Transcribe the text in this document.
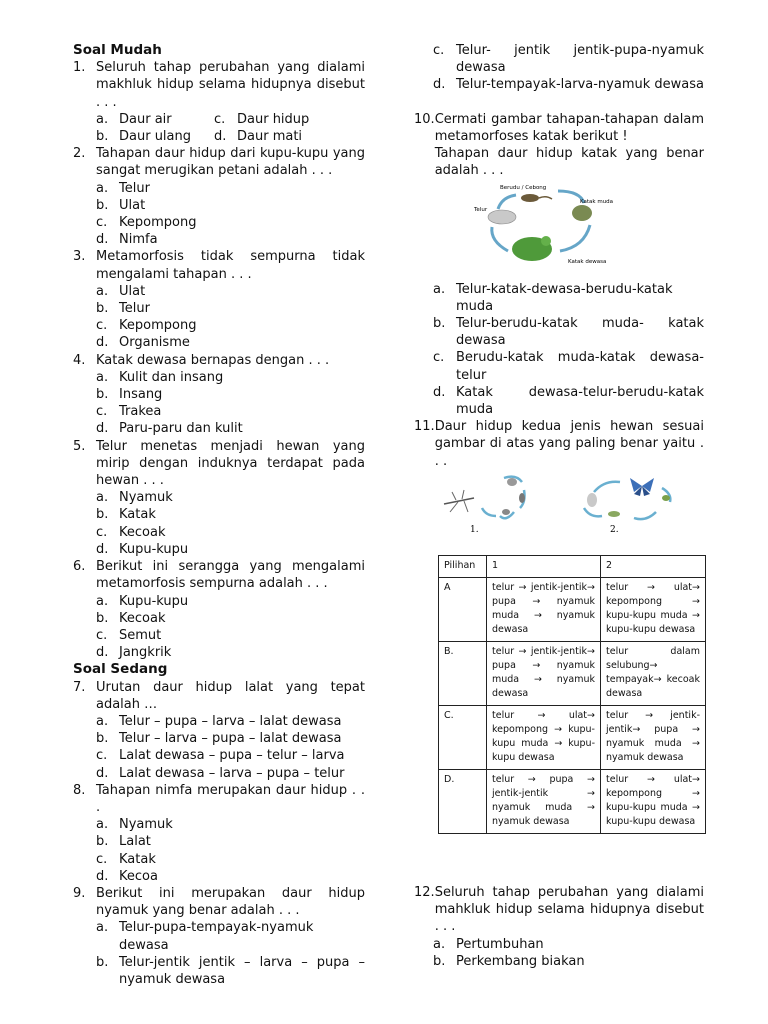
Soal Mudah
1. Seluruh tahap perubahan yang dialami makhluk hidup selama hidupnya disebut . . .
a. Daur air	c. Daur hidup
b. Daur ulang d. Daur mati
2. Tahapan daur hidup dari kupu-kupu yang sangat merugikan petani adalah . . .
a. Telur
b. Ulat
c. Kepompong
d. Nimfa
3. Metamorfosis tidak sempurna tidak mengalami tahapan . . .
a. Ulat
b. Telur
c. Kepompong
d. Organisme
4. Katak dewasa bernapas dengan . . .
a. Kulit dan insang
b. Insang
c. Trakea
d. Paru-paru dan kulit
5. Telur menetas menjadi hewan yang mirip dengan induknya terdapat pada hewan . . .
a. Nyamuk
b. Katak
c. Kecoak
d. Kupu-kupu
6. Berikut ini serangga yang mengalami metamorfosis sempurna adalah . . .
a. Kupu-kupu
b. Kecoak
c. Semut
d. Jangkrik
Soal Sedang
7. Urutan daur hidup lalat yang tepat adalah …
a. Telur – pupa – larva – lalat dewasa
b. Telur – larva – pupa – lalat dewasa
c. Lalat dewasa – pupa – telur – larva
d. Lalat dewasa – larva – pupa – telur
8. Tahapan nimfa merupakan daur hidup . . .
a. Nyamuk
b. Lalat
c. Katak
d. Kecoa
9. Berikut ini merupakan daur hidup nyamuk yang benar adalah . . .
a. Telur-pupa-tempayak-nyamuk dewasa
b. Telur-jentik jentik – larva – pupa – nyamuk dewasa
c. Telur- jentik jentik-pupa-nyamuk dewasa
d. Telur-tempayak-larva-nyamuk dewasa
10. Cermati gambar tahapan-tahapan dalam metamorfoses katak berikut !
Tahapan daur hidup katak yang benar adalah . . .
Berudu / Cebong
Telur
Katak muda
Katak dewasa
a. Telur-katak-dewasa-berudu-katak muda
b. Telur-berudu-katak muda- katak dewasa
c. Berudu-katak muda-katak dewasa-telur
d. Katak dewasa-telur-berudu-katak muda
11. Daur hidup kedua jenis hewan sesuai gambar di atas yang paling benar yaitu . . .
1.	2.
Pilihan	1	2
A	telur → jentik-jentik→ pupa → nyamuk muda → nyamuk dewasa	telur → ulat→ kepompong → kupu-kupu muda → kupu-kupu dewasa
B.	telur → jentik-jentik→ pupa → nyamuk muda → nyamuk dewasa	telur dalam selubung→ tempayak→ kecoak dewasa
C.	telur → ulat→ kepompong → kupu-kupu muda → kupu-kupu dewasa	telur → jentik-jentik→ pupa → nyamuk muda → nyamuk dewasa
D.	telur → pupa → jentik-jentik → nyamuk muda → nyamuk dewasa	telur → ulat→ kepompong → kupu-kupu muda → kupu-kupu dewasa
12. Seluruh tahap perubahan yang dialami mahkluk hidup selama hidupnya disebut . . .
a. Pertumbuhan
b. Perkembang biakan
